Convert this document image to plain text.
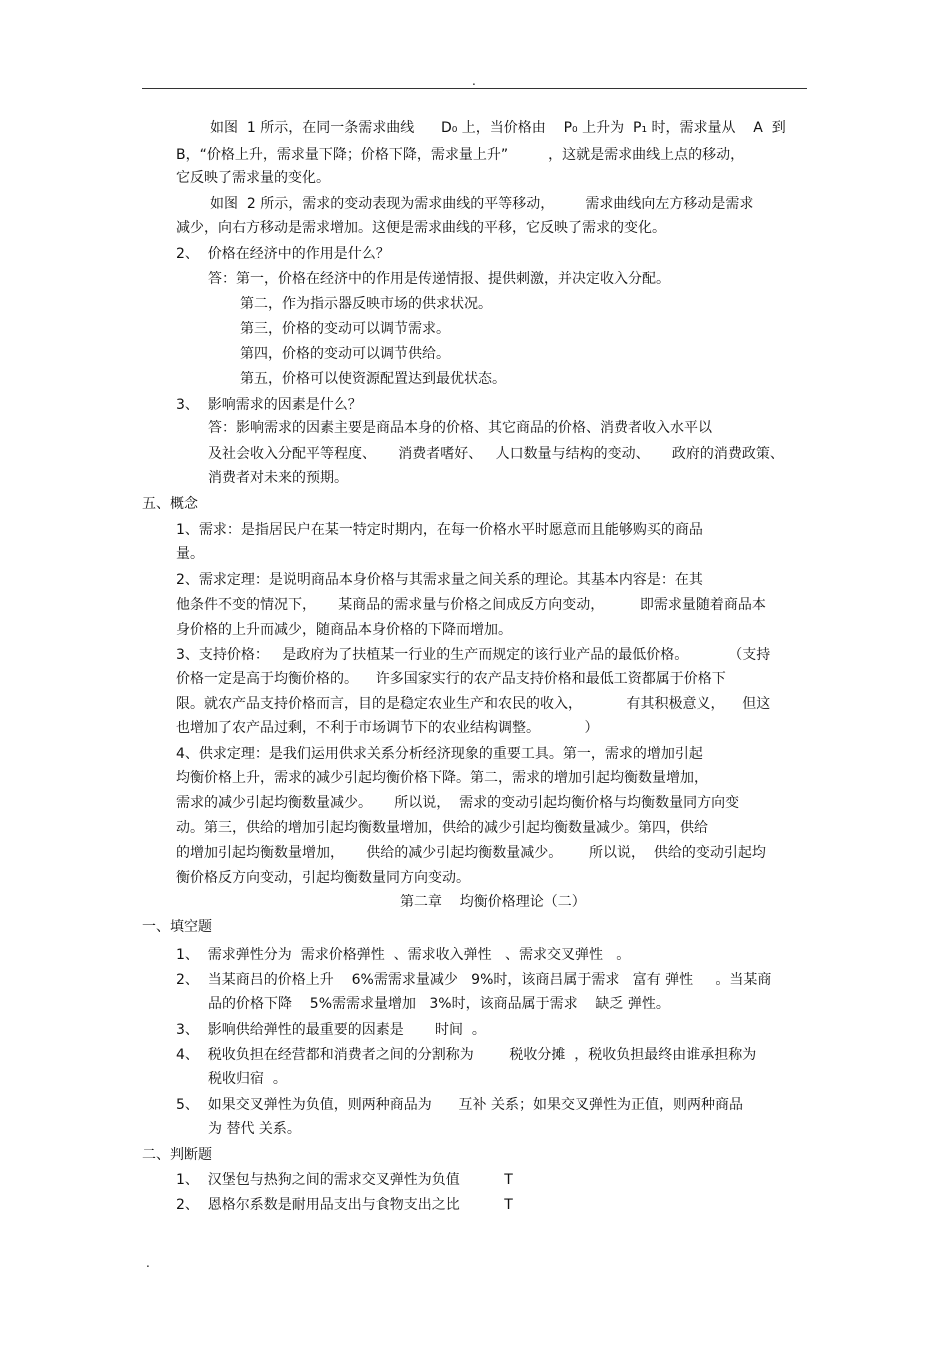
.
如图  1 所示，在同一条需求曲线      D₀ 上，当价格由    P₀ 上升为  P₁ 时，需求量从    A  到
B，“价格上升，需求量下降；价格下降，需求量上升”         ，这就是需求曲线上点的移动，
它反映了需求量的变化。
如图  2 所示，需求的变动表现为需求曲线的平等移动，       需求曲线向左方移动是需求
减少，向右方移动是需求增加。这便是需求曲线的平移，它反映了需求的变化。
2、  价格在经济中的作用是什么？
答：第一，价格在经济中的作用是传递情报、提供刺激，并决定收入分配。
第二，作为指示器反映市场的供求状况。
第三，价格的变动可以调节需求。
第四，价格的变动可以调节供给。
第五，价格可以使资源配置达到最优状态。
3、  影响需求的因素是什么？
答：影响需求的因素主要是商品本身的价格、其它商品的价格、消费者收入水平以
及社会收入分配平等程度、     消费者嗜好、   人口数量与结构的变动、     政府的消费政策、
消费者对未来的预期。
五、概念
1、需求：是指居民户在某一特定时期内，在每一价格水平时愿意而且能够购买的商品
量。
2、需求定理：是说明商品本身价格与其需求量之间关系的理论。其基本内容是：在其
他条件不变的情况下，     某商品的需求量与价格之间成反方向变动，        即需求量随着商品本
身价格的上升而减少，随商品本身价格的下降而增加。
3、支持价格：   是政府为了扶植某一行业的生产而规定的该行业产品的最低价格。         （支持
价格一定是高于均衡价格的。    许多国家实行的农产品支持价格和最低工资都属于价格下
限。就农产品支持价格而言，目的是稳定农业生产和农民的收入，          有其积极意义，    但这
也增加了农产品过剩，不利于市场调节下的农业结构调整。          ）
4、供求定理：是我们运用供求关系分析经济现象的重要工具。第一，需求的增加引起
均衡价格上升，需求的减少引起均衡价格下降。第二，需求的增加引起均衡数量增加，
需求的减少引起均衡数量减少。     所以说，  需求的变动引起均衡价格与均衡数量同方向变
动。第三，供给的增加引起均衡数量增加，供给的减少引起均衡数量减少。第四，供给
的增加引起均衡数量增加，     供给的减少引起均衡数量减少。      所以说，  供给的变动引起均
衡价格反方向变动，引起均衡数量同方向变动。
第二章    均衡价格理论（二）
一、填空题
1、  需求弹性分为  需求价格弹性  、需求收入弹性   、需求交叉弹性   。
2、  当某商吕的价格上升    6%需需求量减少   9%时，该商吕属于需求   富有 弹性     。当某商
品的价格下降    5%需需求量增加   3%时，该商品属于需求    缺乏 弹性。
3、  影响供给弹性的最重要的因素是       时间  。
4、  税收负担在经营都和消费者之间的分割称为        税收分摊  ，税收负担最终由谁承担称为
税收归宿  。
5、  如果交叉弹性为负值，则两种商品为      互补 关系；如果交叉弹性为正值，则两种商品
为 替代 关系。
二、判断题
1、  汉堡包与热狗之间的需求交叉弹性为负值          T
2、  恩格尔系数是耐用品支出与食物支出之比          T
.
